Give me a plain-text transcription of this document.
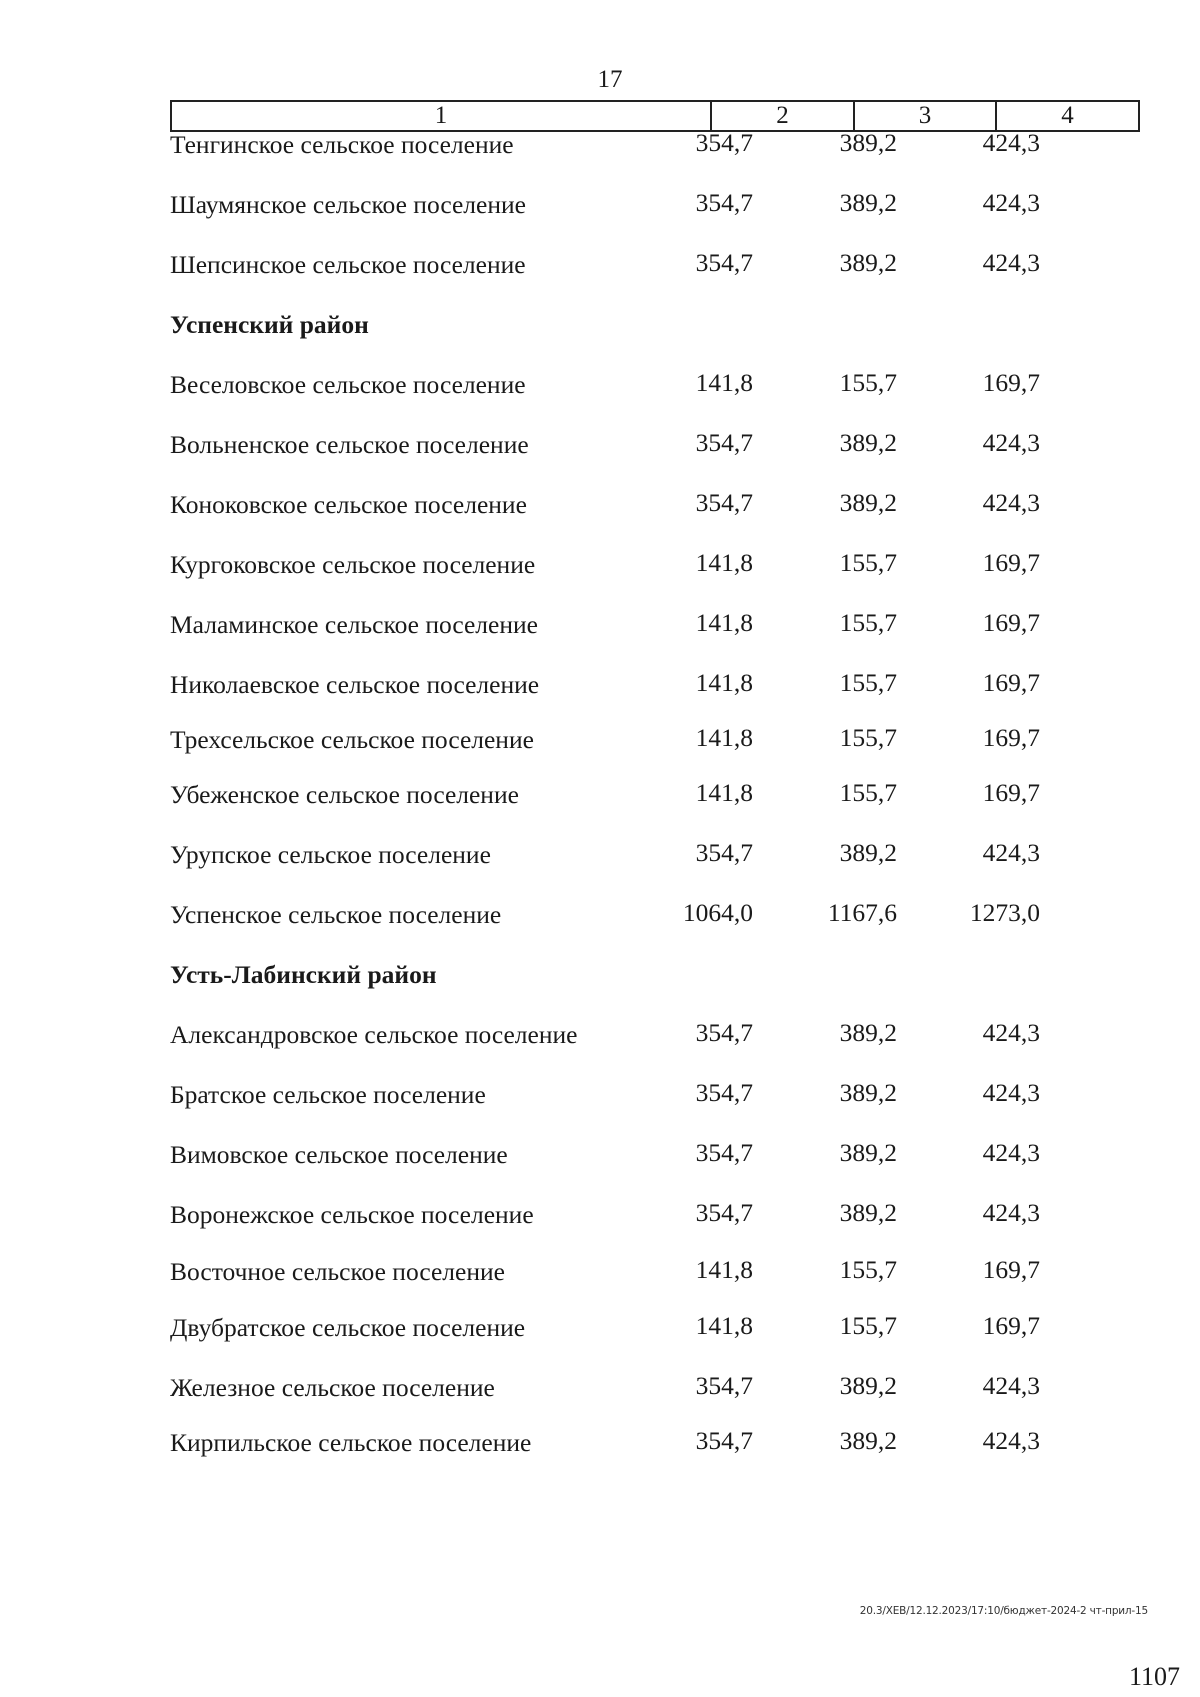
17
1	2	3	4
Тенгинское сельское поселение	354,7	389,2	424,3
Шаумянское сельское поселение	354,7	389,2	424,3
Шепсинское сельское поселение	354,7	389,2	424,3
Успенский район
Веселовское сельское поселение	141,8	155,7	169,7
Вольненское сельское поселение	354,7	389,2	424,3
Коноковское сельское поселение	354,7	389,2	424,3
Кургоковское сельское поселение	141,8	155,7	169,7
Маламинское сельское поселение	141,8	155,7	169,7
Николаевское сельское поселение	141,8	155,7	169,7
Трехсельское сельское поселение	141,8	155,7	169,7
Убеженское сельское поселение	141,8	155,7	169,7
Урупское сельское поселение	354,7	389,2	424,3
Успенское сельское поселение	1064,0	1167,6	1273,0
Усть-Лабинский район
Александровское сельское поселение	354,7	389,2	424,3
Братское сельское поселение	354,7	389,2	424,3
Вимовское сельское поселение	354,7	389,2	424,3
Воронежское сельское поселение	354,7	389,2	424,3
Восточное сельское поселение	141,8	155,7	169,7
Двубратское сельское поселение	141,8	155,7	169,7
Железное сельское поселение	354,7	389,2	424,3
Кирпильское сельское поселение	354,7	389,2	424,3
20.3/ХЕВ/12.12.2023/17:10/бюджет-2024-2 чт-прил-15
1107
